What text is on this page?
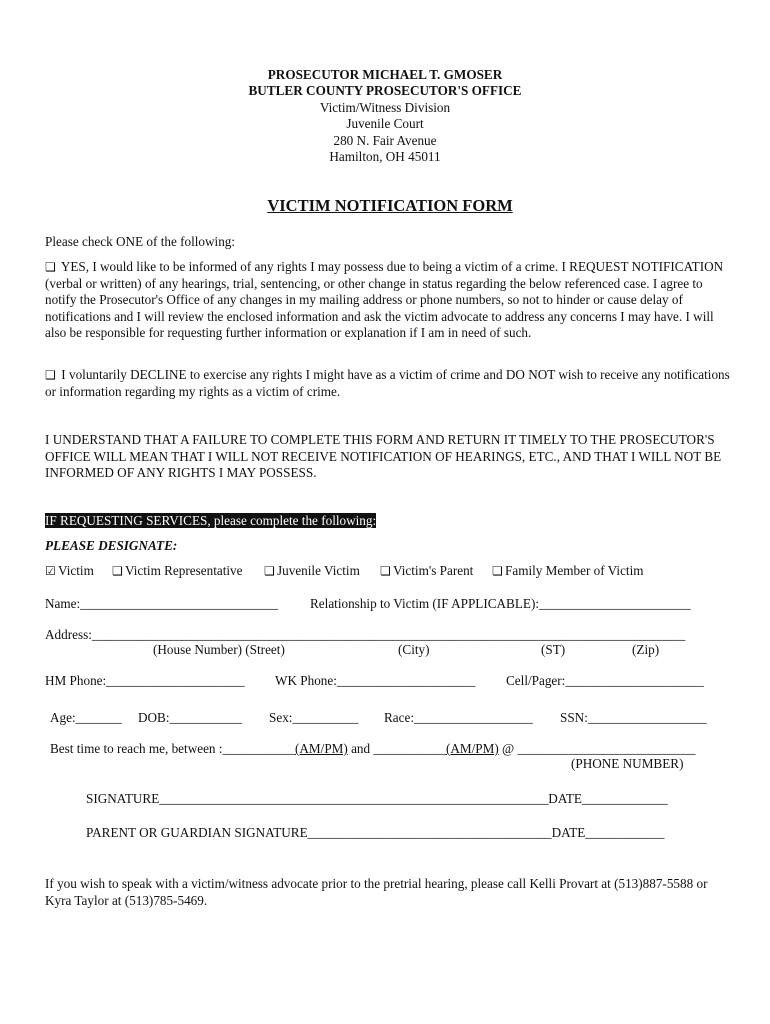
PROSECUTOR MICHAEL T. GMOSER
BUTLER COUNTY PROSECUTOR'S OFFICE
Victim/Witness Division
Juvenile Court
280 N. Fair Avenue
Hamilton, OH 45011
VICTIM NOTIFICATION FORM
Please check ONE of the following:
❑ YES, I would like to be informed of any rights I may possess due to being a victim of a crime. I REQUEST NOTIFICATION (verbal or written) of any hearings, trial, sentencing, or other change in status regarding the below referenced case. I agree to notify the Prosecutor's Office of any changes in my mailing address or phone numbers, so not to hinder or cause delay of notifications and I will review the enclosed information and ask the victim advocate to address any concerns I may have. I will also be responsible for requesting further information or explanation if I am in need of such.
❑ I voluntarily DECLINE to exercise any rights I might have as a victim of crime and DO NOT wish to receive any notifications or information regarding my rights as a victim of crime.
I UNDERSTAND THAT A FAILURE TO COMPLETE THIS FORM AND RETURN IT TIMELY TO THE PROSECUTOR'S OFFICE WILL MEAN THAT I WILL NOT RECEIVE NOTIFICATION OF HEARINGS, ETC., AND THAT I WILL NOT BE INFORMED OF ANY RIGHTS I MAY POSSESS.
IF REQUESTING SERVICES, please complete the following:
PLEASE DESIGNATE:
☑ Victim ❑ Victim Representative ❑ Juvenile Victim ❑ Victim's Parent ❑ Family Member of Victim
Name:______________________________ Relationship to Victim (IF APPLICABLE):_______________________
Address:__________________________________________________________________________________________
(House Number) (Street)	(City)	(ST)	(Zip)
HM Phone:_____________________ WK Phone:_____________________ Cell/Pager:_____________________
Age:_______ DOB:___________ Sex:__________ Race:__________________ SSN:__________________
Best time to reach me, between :___________(AM/PM) and ___________(AM/PM) @ ___________________________
(PHONE NUMBER)
SIGNATURE___________________________________________________________DATE_____________
PARENT OR GUARDIAN SIGNATURE_____________________________________DATE____________
If you wish to speak with a victim/witness advocate prior to the pretrial hearing, please call Kelli Provart at (513)887-5588 or Kyra Taylor at (513)785-5469.
